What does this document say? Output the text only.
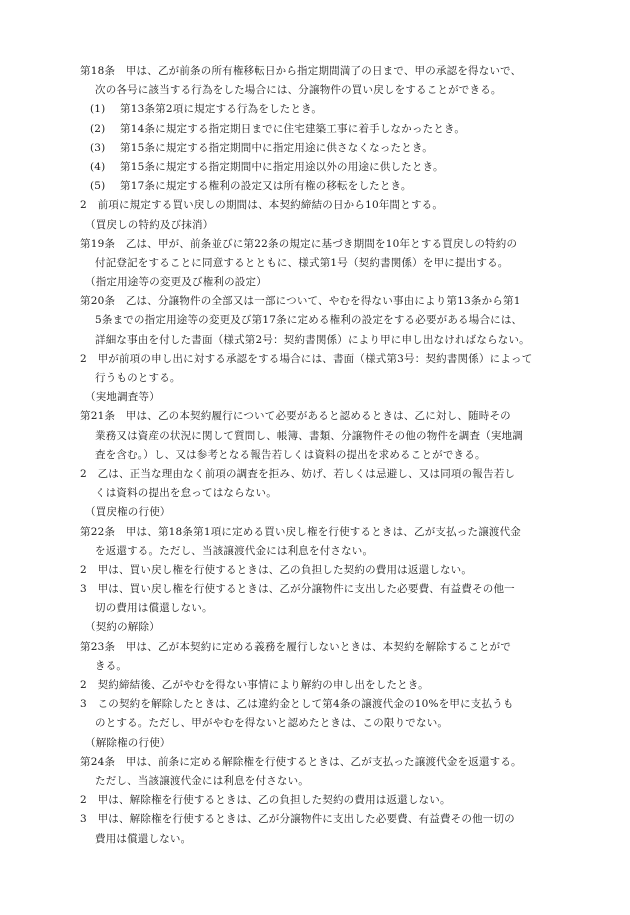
第18条　甲は、乙が前条の所有権移転日から指定期間満了の日まで、甲の承認を得ないで、
次の各号に該当する行為をした場合には、分譲物件の買い戻しをすることができる。
(1) 第13条第2項に規定する行為をしたとき。
(2) 第14条に規定する指定期日までに住宅建築工事に着手しなかったとき。
(3) 第15条に規定する指定期間中に指定用途に供さなくなったとき。
(4) 第15条に規定する指定期間中に指定用途以外の用途に供したとき。
(5) 第17条に規定する権利の設定又は所有権の移転をしたとき。
2　前項に規定する買い戻しの期間は、本契約締結の日から10年間とする。
（買戻しの特約及び抹消）
第19条　乙は、甲が、前条並びに第22条の規定に基づき期間を10年とする買戻しの特約の
付記登記をすることに同意するとともに、様式第1号（契約書関係）を甲に提出する。
（指定用途等の変更及び権利の設定）
第20条　乙は、分譲物件の全部又は一部について、やむを得ない事由により第13条から第1
5条までの指定用途等の変更及び第17条に定める権利の設定をする必要がある場合には、
詳細な事由を付した書面（様式第2号：契約書関係）により甲に申し出なければならない。
2　甲が前項の申し出に対する承認をする場合には、書面（様式第3号：契約書関係）によって
行うものとする。
（実地調査等）
第21条　甲は、乙の本契約履行について必要があると認めるときは、乙に対し、随時その
業務又は資産の状況に関して質問し、帳簿、書類、分譲物件その他の物件を調査（実地調
査を含む。）し、又は参考となる報告若しくは資料の提出を求めることができる。
2　乙は、正当な理由なく前項の調査を拒み、妨げ、若しくは忌避し、又は同項の報告若し
くは資料の提出を怠ってはならない。
（買戻権の行使）
第22条　甲は、第18条第1項に定める買い戻し権を行使するときは、乙が支払った譲渡代金
を返還する。ただし、当該譲渡代金には利息を付さない。
2　甲は、買い戻し権を行使するときは、乙の負担した契約の費用は返還しない。
3　甲は、買い戻し権を行使するときは、乙が分譲物件に支出した必要費、有益費その他一
切の費用は償還しない。
（契約の解除）
第23条　甲は、乙が本契約に定める義務を履行しないときは、本契約を解除することがで
きる。
2　契約締結後、乙がやむを得ない事情により解約の申し出をしたとき。
3　この契約を解除したときは、乙は違約金として第4条の譲渡代金の10%を甲に支払うも
のとする。ただし、甲がやむを得ないと認めたときは、この限りでない。
（解除権の行使）
第24条　甲は、前条に定める解除権を行使するときは、乙が支払った譲渡代金を返還する。
ただし、当該譲渡代金には利息を付さない。
2　甲は、解除権を行使するときは、乙の負担した契約の費用は返還しない。
3　甲は、解除権を行使するときは、乙が分譲物件に支出した必要費、有益費その他一切の
費用は償還しない。
